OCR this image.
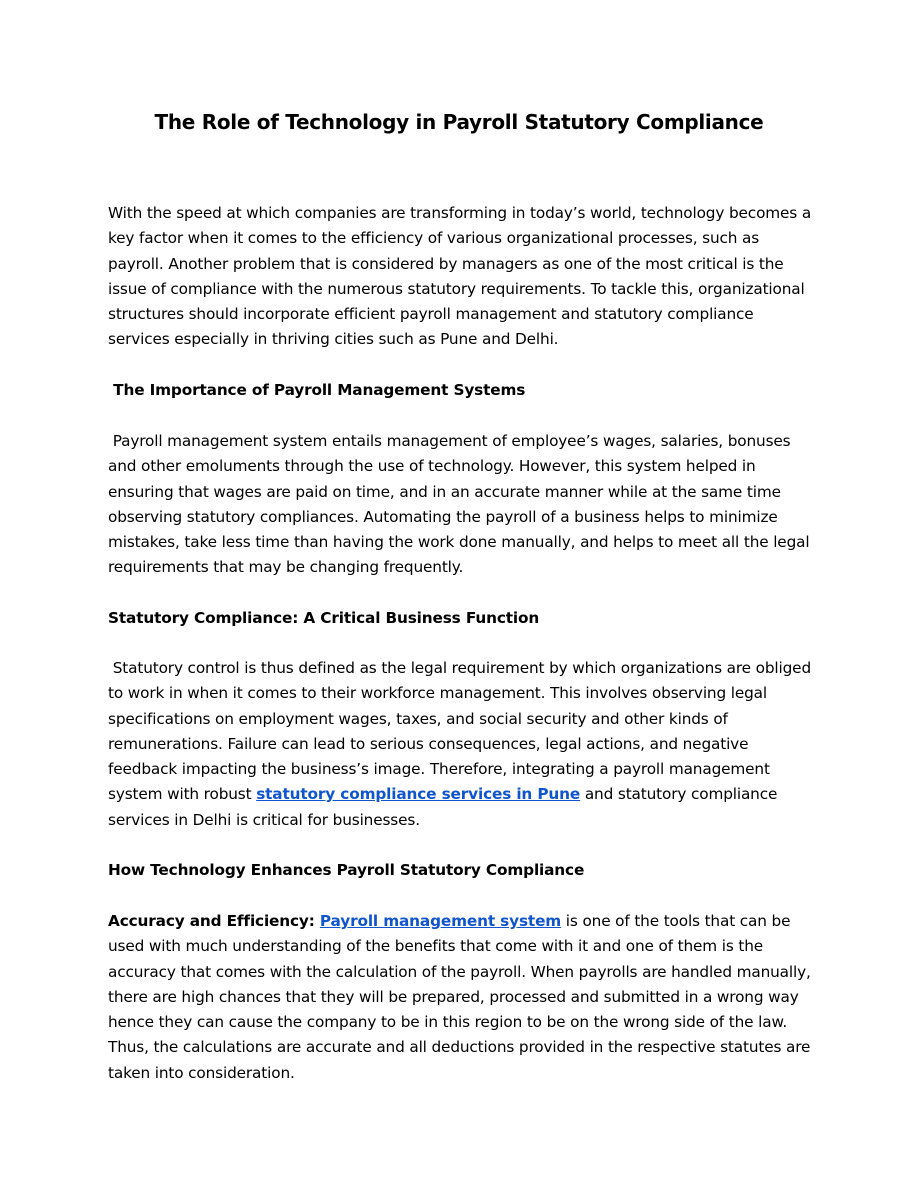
The Role of Technology in Payroll Statutory Compliance

With the speed at which companies are transforming in today’s world, technology becomes a key factor when it comes to the efficiency of various organizational processes, such as payroll. Another problem that is considered by managers as one of the most critical is the issue of compliance with the numerous statutory requirements. To tackle this, organizational structures should incorporate efficient payroll management and statutory compliance services especially in thriving cities such as Pune and Delhi.

The Importance of Payroll Management Systems

Payroll management system entails management of employee’s wages, salaries, bonuses and other emoluments through the use of technology. However, this system helped in ensuring that wages are paid on time, and in an accurate manner while at the same time observing statutory compliances. Automating the payroll of a business helps to minimize mistakes, take less time than having the work done manually, and helps to meet all the legal requirements that may be changing frequently.

Statutory Compliance: A Critical Business Function

Statutory control is thus defined as the legal requirement by which organizations are obliged to work in when it comes to their workforce management. This involves observing legal specifications on employment wages, taxes, and social security and other kinds of remunerations. Failure can lead to serious consequences, legal actions, and negative feedback impacting the business’s image. Therefore, integrating a payroll management system with robust statutory compliance services in Pune and statutory compliance services in Delhi is critical for businesses.

How Technology Enhances Payroll Statutory Compliance

Accuracy and Efficiency: Payroll management system is one of the tools that can be used with much understanding of the benefits that come with it and one of them is the accuracy that comes with the calculation of the payroll. When payrolls are handled manually, there are high chances that they will be prepared, processed and submitted in a wrong way hence they can cause the company to be in this region to be on the wrong side of the law. Thus, the calculations are accurate and all deductions provided in the respective statutes are taken into consideration.
